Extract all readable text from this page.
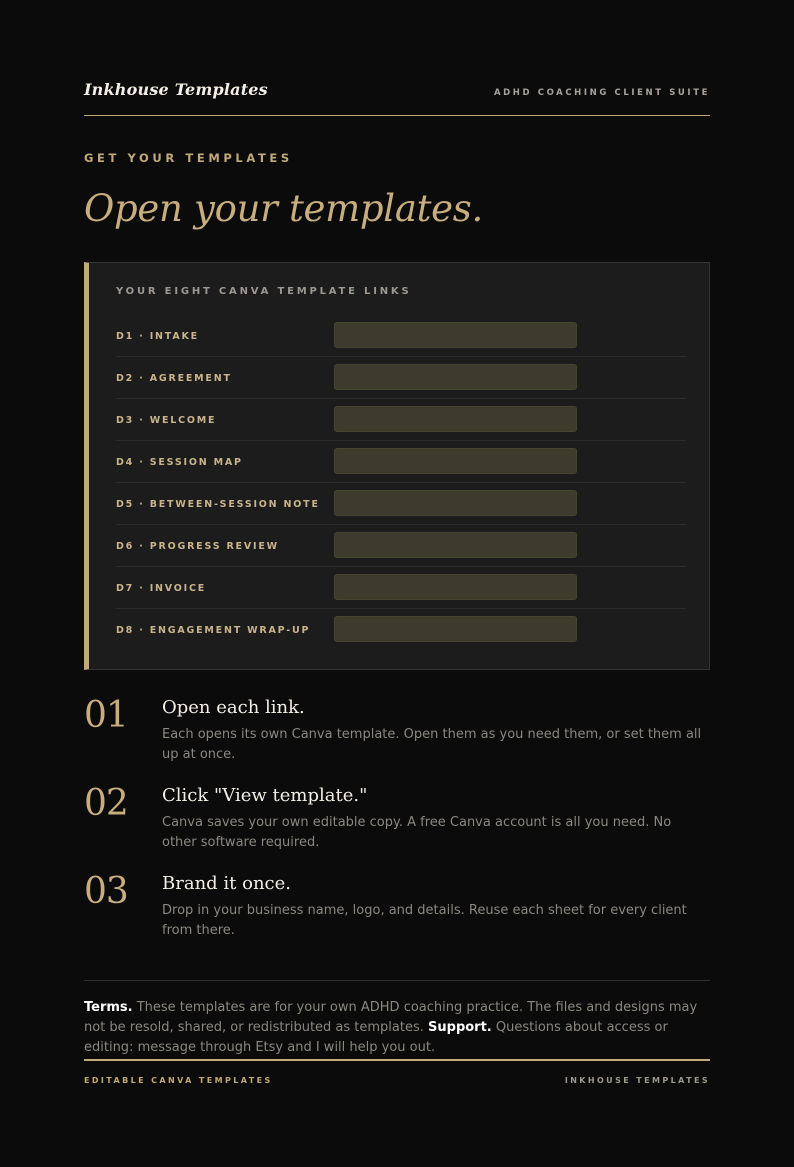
Inkhouse Templates	ADHD COACHING CLIENT SUITE
GET YOUR TEMPLATES
Open your templates.
YOUR EIGHT CANVA TEMPLATE LINKS
D1 · INTAKE
D2 · AGREEMENT
D3 · WELCOME
D4 · SESSION MAP
D5 · BETWEEN-SESSION NOTE
D6 · PROGRESS REVIEW
D7 · INVOICE
D8 · ENGAGEMENT WRAP-UP
01 Open each link.
Each opens its own Canva template. Open them as you need them, or set them all up at once.
02 Click "View template."
Canva saves your own editable copy. A free Canva account is all you need. No other software required.
03 Brand it once.
Drop in your business name, logo, and details. Reuse each sheet for every client from there.
Terms. These templates are for your own ADHD coaching practice. The files and designs may not be resold, shared, or redistributed as templates. Support. Questions about access or editing: message through Etsy and I will help you out.
EDITABLE CANVA TEMPLATES	INKHOUSE TEMPLATES
